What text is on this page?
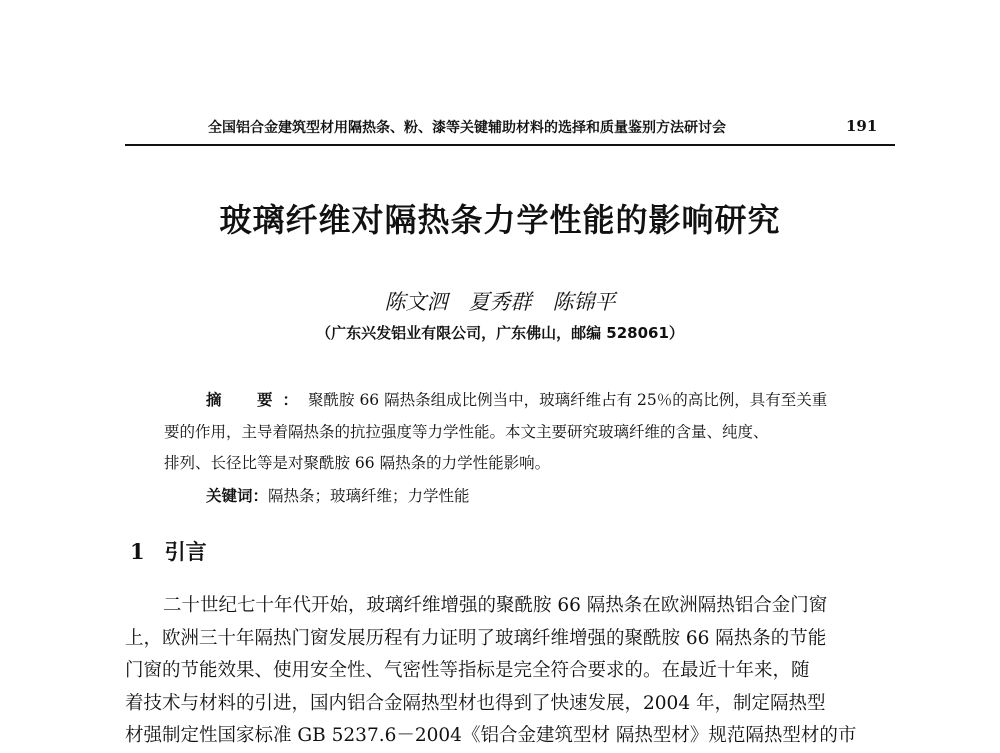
全国铝合金建筑型材用隔热条、粉、漆等关键辅助材料的选择和质量鉴别方法研讨会	191
玻璃纤维对隔热条力学性能的影响研究
陈文泗　夏秀群　陈锦平
（广东兴发铝业有限公司，广东佛山，邮编 528061）
摘　要：聚酰胺 66 隔热条组成比例当中，玻璃纤维占有 25％的高比例，具有至关重
要的作用，主导着隔热条的抗拉强度等力学性能。本文主要研究玻璃纤维的含量、纯度、
排列、长径比等是对聚酰胺 66 隔热条的力学性能影响。
关键词：隔热条；玻璃纤维；力学性能
1 引言
二十世纪七十年代开始，玻璃纤维增强的聚酰胺 66 隔热条在欧洲隔热铝合金门窗
上，欧洲三十年隔热门窗发展历程有力证明了玻璃纤维增强的聚酰胺 66 隔热条的节能
门窗的节能效果、使用安全性、气密性等指标是完全符合要求的。在最近十年来，随
着技术与材料的引进，国内铝合金隔热型材也得到了快速发展，2004 年，制定隔热型
材强制定性国家标准 GB 5237.6－2004《铝合金建筑型材 隔热型材》规范隔热型材的市
